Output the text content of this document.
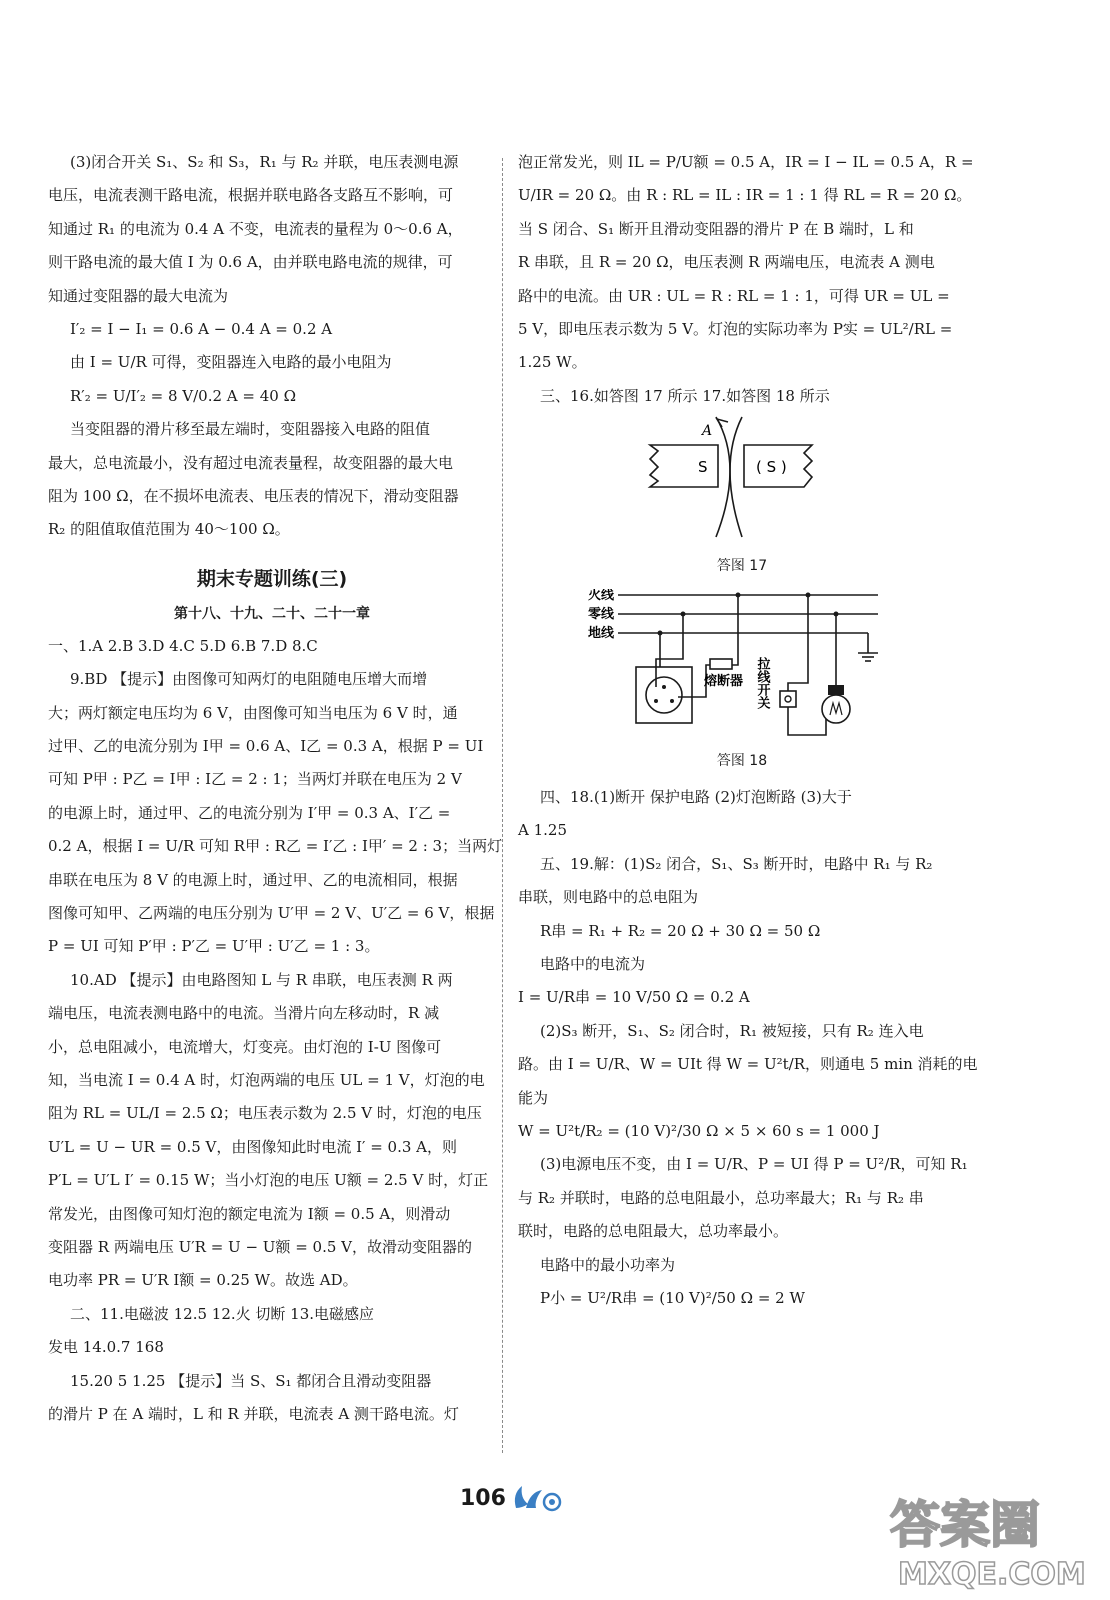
(3)闭合开关 S₁、S₂ 和 S₃，R₁ 与 R₂ 并联，电压表测电源

电压，电流表测干路电流，根据并联电路各支路互不影响，可

知通过 R₁ 的电流为 0.4 A 不变，电流表的量程为 0～0.6 A，

则干路电流的最大值 I 为 0.6 A，由并联电路电流的规律，可

知通过变阻器的最大电流为

I′₂ = I − I₁ = 0.6 A − 0.4 A = 0.2 A

由 I = U/R 可得，变阻器连入电路的最小电阻为

R′₂ = U/I′₂ = 8 V/0.2 A = 40 Ω

当变阻器的滑片移至最左端时，变阻器接入电路的阻值

最大，总电流最小，没有超过电流表量程，故变阻器的最大电

阻为 100 Ω，在不损坏电流表、电压表的情况下，滑动变阻器

R₂ 的阻值取值范围为 40～100 Ω。

期末专题训练(三)
第十八、十九、二十、二十一章

一、1.A 2.B 3.D 4.C 5.D 6.B 7.D 8.C

9.BD 【提示】由图像可知两灯的电阻随电压增大而增

大；两灯额定电压均为 6 V，由图像可知当电压为 6 V 时，通

过甲、乙的电流分别为 I甲 = 0.6 A、I乙 = 0.3 A，根据 P = UI

可知 P甲 : P乙 = I甲 : I乙 = 2 : 1；当两灯并联在电压为 2 V

的电源上时，通过甲、乙的电流分别为 I′甲 = 0.3 A、I′乙 =

0.2 A，根据 I = U/R 可知 R甲 : R乙 = I′乙 : I甲′ = 2 : 3；当两灯

串联在电压为 8 V 的电源上时，通过甲、乙的电流相同，根据

图像可知甲、乙两端的电压分别为 U′甲 = 2 V、U′乙 = 6 V，根据

P = UI 可知 P′甲 : P′乙 = U′甲 : U′乙 = 1 : 3。

10.AD 【提示】由电路图知 L 与 R 串联，电压表测 R 两

端电压，电流表测电路中的电流。当滑片向左移动时，R 减

小，总电阻减小，电流增大，灯变亮。由灯泡的 I-U 图像可

知，当电流 I = 0.4 A 时，灯泡两端的电压 UL = 1 V，灯泡的电

阻为 RL = UL/I = 2.5 Ω；电压表示数为 2.5 V 时，灯泡的电压

U′L = U − UR = 0.5 V，由图像知此时电流 I′ = 0.3 A，则

P′L = U′L I′ = 0.15 W；当小灯泡的电压 U额 = 2.5 V 时，灯正

常发光，由图像可知灯泡的额定电流为 I额 = 0.5 A，则滑动

变阻器 R 两端电压 U′R = U − U额 = 0.5 V，故滑动变阻器的

电功率 PR = U′R I额 = 0.25 W。故选 AD。

二、11.电磁波 12.5 12.火 切断 13.电磁感应

发电 14.0.7 168

15.20 5 1.25 【提示】当 S、S₁ 都闭合且滑动变阻器

的滑片 P 在 A 端时，L 和 R 并联，电流表 A 测干路电流。灯

泡正常发光，则 IL = P/U额 = 0.5 A，IR = I − IL = 0.5 A，R =

U/IR = 20 Ω。由 R : RL = IL : IR = 1 : 1 得 RL = R = 20 Ω。

当 S 闭合、S₁ 断开且滑动变阻器的滑片 P 在 B 端时，L 和

R 串联，且 R = 20 Ω，电压表测 R 两端电压，电流表 A 测电

路中的电流。由 UR : UL = R : RL = 1 : 1，可得 UR = UL =

5 V，即电压表示数为 5 V。灯泡的实际功率为 P实 = UL²/RL =

1.25 W。

三、16.如答图 17 所示 17.如答图 18 所示

S	( S )
A
答图 17
火线
零线
地线
熔断器 拉线开关
答图 18

四、18.(1)断开 保护电路 (2)灯泡断路 (3)大于

A 1.25

五、19.解：(1)S₂ 闭合，S₁、S₃ 断开时，电路中 R₁ 与 R₂

串联，则电路中的总电阻为

R串 = R₁ + R₂ = 20 Ω + 30 Ω = 50 Ω

电路中的电流为

I = U/R串 = 10 V/50 Ω = 0.2 A

(2)S₃ 断开，S₁、S₂ 闭合时，R₁ 被短接，只有 R₂ 连入电

路。由 I = U/R、W = UIt 得 W = U²t/R，则通电 5 min 消耗的电

能为

W = U²t/R₂ = (10 V)²/30 Ω × 5 × 60 s = 1 000 J

(3)电源电压不变，由 I = U/R、P = UI 得 P = U²/R，可知 R₁

与 R₂ 并联时，电路的总电阻最小，总功率最大；R₁ 与 R₂ 串

联时，电路的总电阻最大，总功率最小。

电路中的最小功率为

P小 = U²/R串 = (10 V)²/50 Ω = 2 W

106	答案圈
MXQE.COM
